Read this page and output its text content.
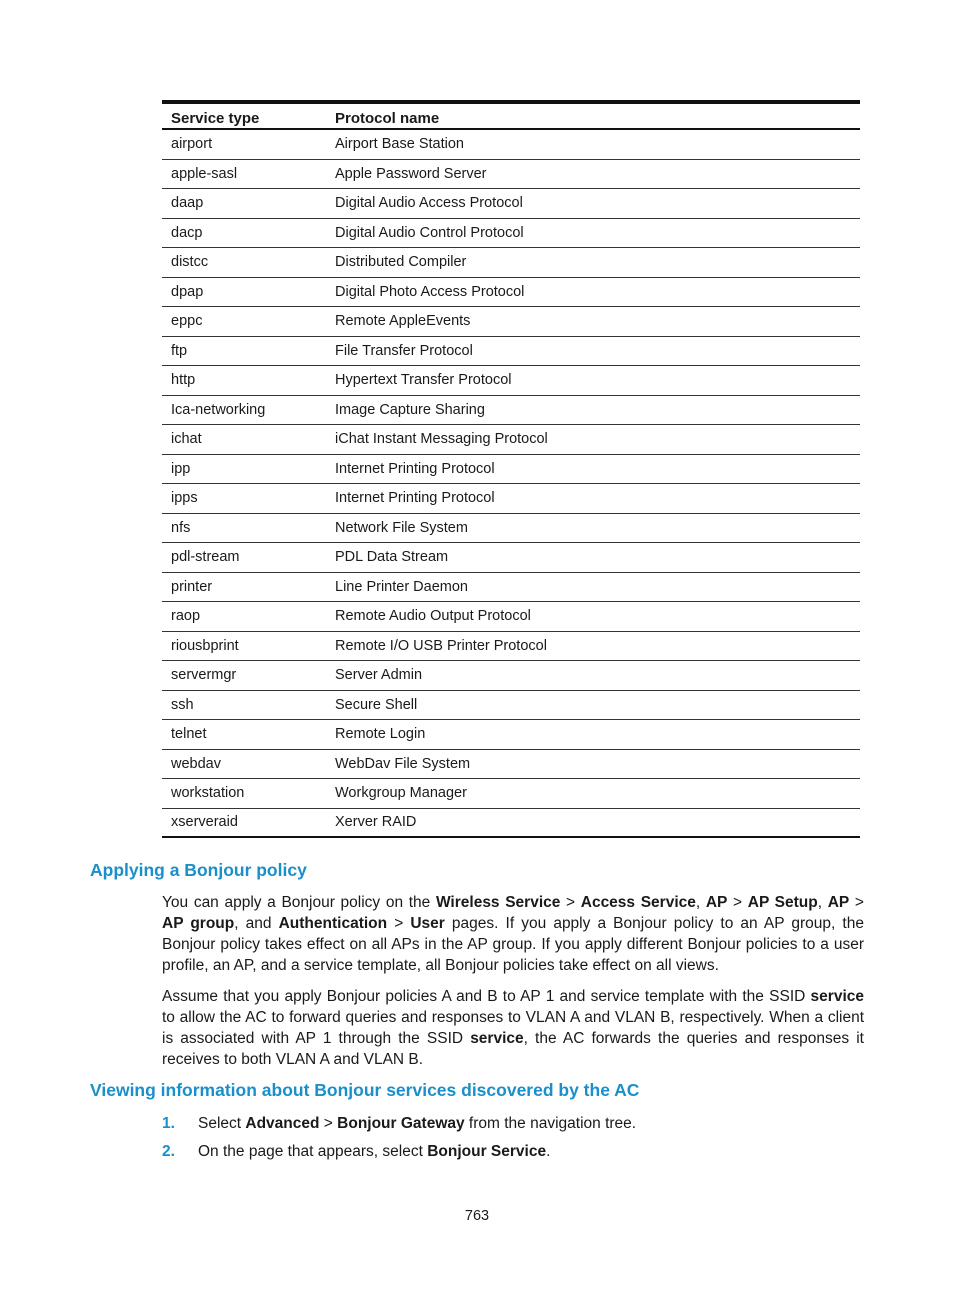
Service type	Protocol name
airport	Airport Base Station
apple-sasl	Apple Password Server
daap	Digital Audio Access Protocol
dacp	Digital Audio Control Protocol
distcc	Distributed Compiler
dpap	Digital Photo Access Protocol
eppc	Remote AppleEvents
ftp	File Transfer Protocol
http	Hypertext Transfer Protocol
Ica-networking	Image Capture Sharing
ichat	iChat Instant Messaging Protocol
ipp	Internet Printing Protocol
ipps	Internet Printing Protocol
nfs	Network File System
pdl-stream	PDL Data Stream
printer	Line Printer Daemon
raop	Remote Audio Output Protocol
riousbprint	Remote I/O USB Printer Protocol
servermgr	Server Admin
ssh	Secure Shell
telnet	Remote Login
webdav	WebDav File System
workstation	Workgroup Manager
xserveraid	Xerver RAID
Applying a Bonjour policy

You can apply a Bonjour policy on the Wireless Service > Access Service, AP > AP Setup, AP > AP group, and Authentication > User pages. If you apply a Bonjour policy to an AP group, the Bonjour policy takes effect on all APs in the AP group. If you apply different Bonjour policies to a user profile, an AP, and a service template, all Bonjour policies take effect on all views.

Assume that you apply Bonjour policies A and B to AP 1 and service template with the SSID service to allow the AC to forward queries and responses to VLAN A and VLAN B, respectively. When a client is associated with AP 1 through the SSID service, the AC forwards the queries and responses it receives to both VLAN A and VLAN B.

Viewing information about Bonjour services discovered by the AC
1.	Select Advanced > Bonjour Gateway from the navigation tree.
2.	On the page that appears, select Bonjour Service.
763
